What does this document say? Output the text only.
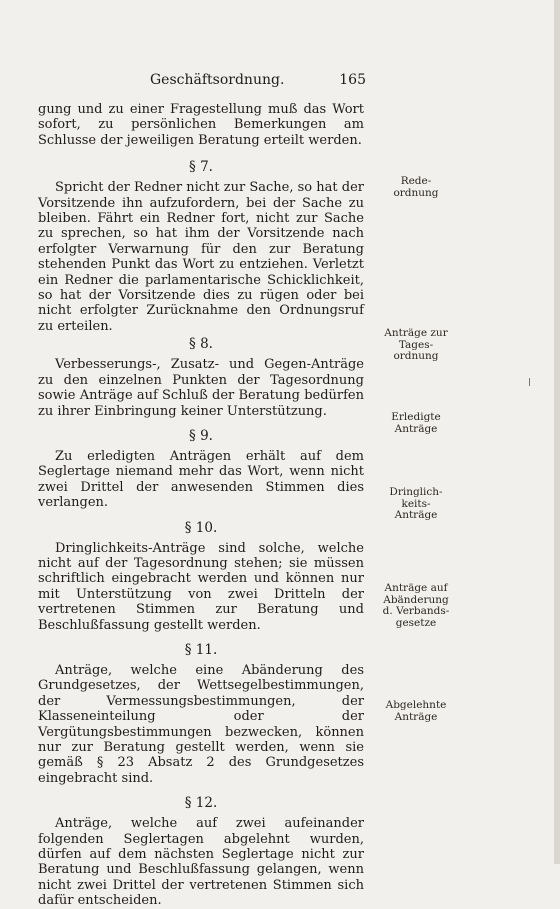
Geschäftsordnung.	165

gung und zu einer Fragestellung muß das Wort sofort, zu persönlichen Bemerkungen am Schlusse der jeweiligen Beratung erteilt werden.

§ 7.

Spricht der Redner nicht zur Sache, so hat der Vorsitzende ihn aufzufordern, bei der Sache zu bleiben. Fährt ein Redner fort, nicht zur Sache zu sprechen, so hat ihm der Vorsitzende nach erfolgter Verwarnung für den zur Beratung stehenden Punkt das Wort zu entziehen. Verletzt ein Redner die parlamentarische Schicklichkeit, so hat der Vorsitzende dies zu rügen oder bei nicht erfolgter Zurücknahme den Ordnungsruf zu erteilen.

§ 8.

Verbesserungs-, Zusatz- und Gegen-Anträge zu den einzelnen Punkten der Tagesordnung sowie Anträge auf Schluß der Beratung bedürfen zu ihrer Einbringung keiner Unterstützung.

§ 9.

Zu erledigten Anträgen erhält auf dem Seglertage niemand mehr das Wort, wenn nicht zwei Drittel der anwesenden Stimmen dies verlangen.

§ 10.

Dringlichkeits-Anträge sind solche, welche nicht auf der Tagesordnung stehen; sie müssen schriftlich eingebracht werden und können nur mit Unterstützung von zwei Dritteln der vertretenen Stimmen zur Beratung und Beschlußfassung gestellt werden.

§ 11.

Anträge, welche eine Abänderung des Grundgesetzes, der Wettsegelbestimmungen, der Vermessungsbestimmungen, der Klasseneinteilung oder der Vergütungsbestimmungen bezwecken, können nur zur Beratung gestellt werden, wenn sie gemäß § 23 Absatz 2 des Grundgesetzes eingebracht sind.

§ 12.

Anträge, welche auf zwei aufeinander folgenden Seglertagen abgelehnt wurden, dürfen auf dem nächsten Seglertage nicht zur Beratung und Beschlußfassung gelangen, wenn nicht zwei Drittel der vertretenen Stimmen sich dafür entscheiden.

Rede-
ordnung
Anträge zur
Tages-
ordnung
Erledigte
Anträge
Dringlich-
keits-
Anträge
Anträge auf
Abänderung
d. Verbands-
gesetze
Abgelehnte
Anträge
